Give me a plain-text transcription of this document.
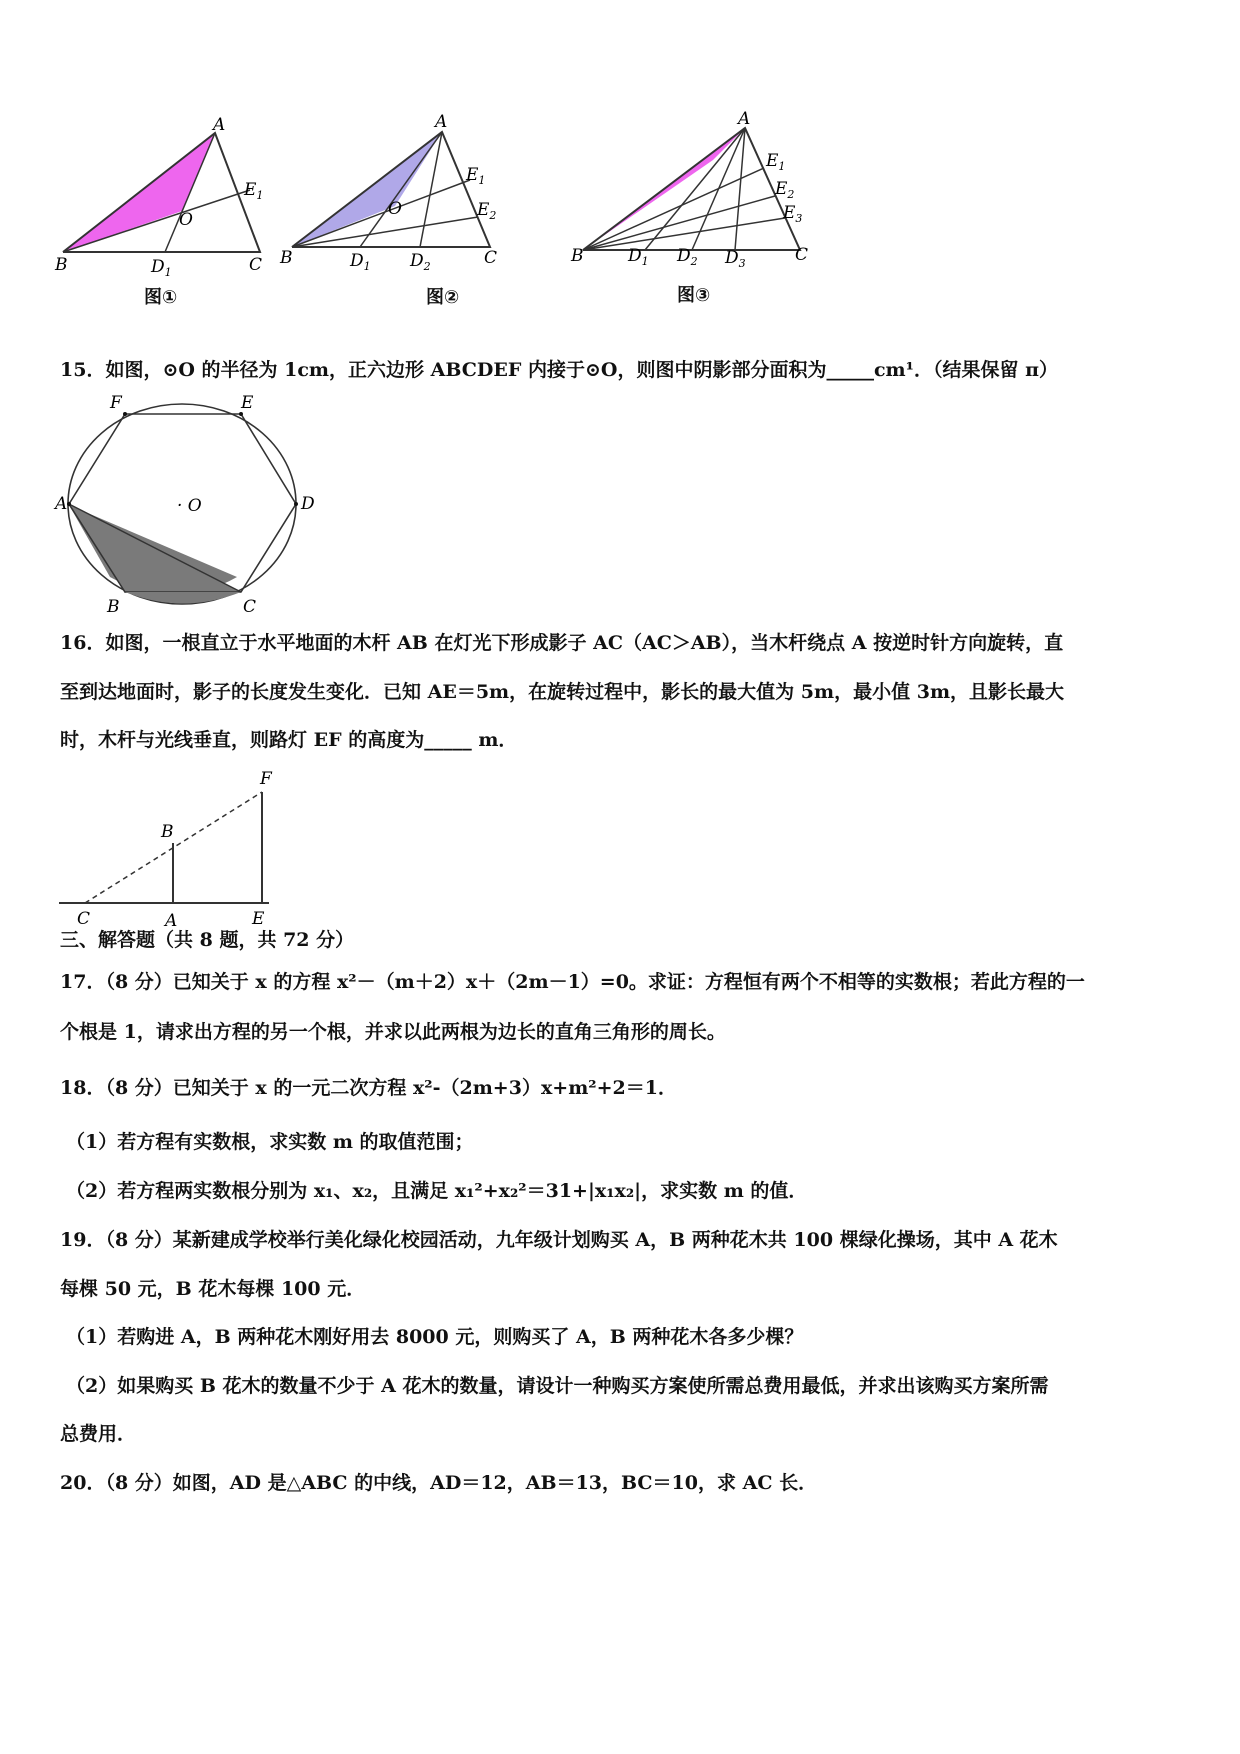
A
B	C
$D_1$
$E_1$
O
图①
A
B	C
$D_1$ $D_2$
$E_1$
$E_2$
O
图②
A
B	C
$D_1$ $D_2$ $D_3$
$E_1$
$E_2$
$E_3$
图③
15．如图，⊙O 的半径为 1cm，正六边形 ABCDEF 内接于⊙O，则图中阴影部分面积为_____cm¹．（结果保留 π）
F	E
A	D
· O
B	C
16．如图，一根直立于水平地面的木杆 AB 在灯光下形成影子 AC（AC＞AB），当木杆绕点 A 按逆时针方向旋转，直
至到达地面时，影子的长度发生变化．已知 AE＝5m，在旋转过程中，影长的最大值为 5m，最小值 3m，且影长最大
时，木杆与光线垂直，则路灯 EF 的高度为_____ m．
F
B
C	A	E
三、解答题（共 8 题，共 72 分）
17．（8 分）已知关于 x 的方程 x²－（m＋2）x＋（2m－1）=0。求证：方程恒有两个不相等的实数根；若此方程的一
个根是 1，请求出方程的另一个根，并求以此两根为边长的直角三角形的周长。
18．（8 分）已知关于 x 的一元二次方程 x²-（2m+3）x+m²+2＝1．
（1）若方程有实数根，求实数 m 的取值范围；
（2）若方程两实数根分别为 x₁、x₂，且满足 x₁²+x₂²＝31+|x₁x₂|，求实数 m 的值．
19．（8 分）某新建成学校举行美化绿化校园活动，九年级计划购买 A，B 两种花木共 100 棵绿化操场，其中 A 花木
每棵 50 元，B 花木每棵 100 元．
（1）若购进 A，B 两种花木刚好用去 8000 元，则购买了 A，B 两种花木各多少棵？
（2）如果购买 B 花木的数量不少于 A 花木的数量，请设计一种购买方案使所需总费用最低，并求出该购买方案所需
总费用．
20．（8 分）如图，AD 是△ABC 的中线，AD＝12，AB＝13，BC＝10，求 AC 长．
